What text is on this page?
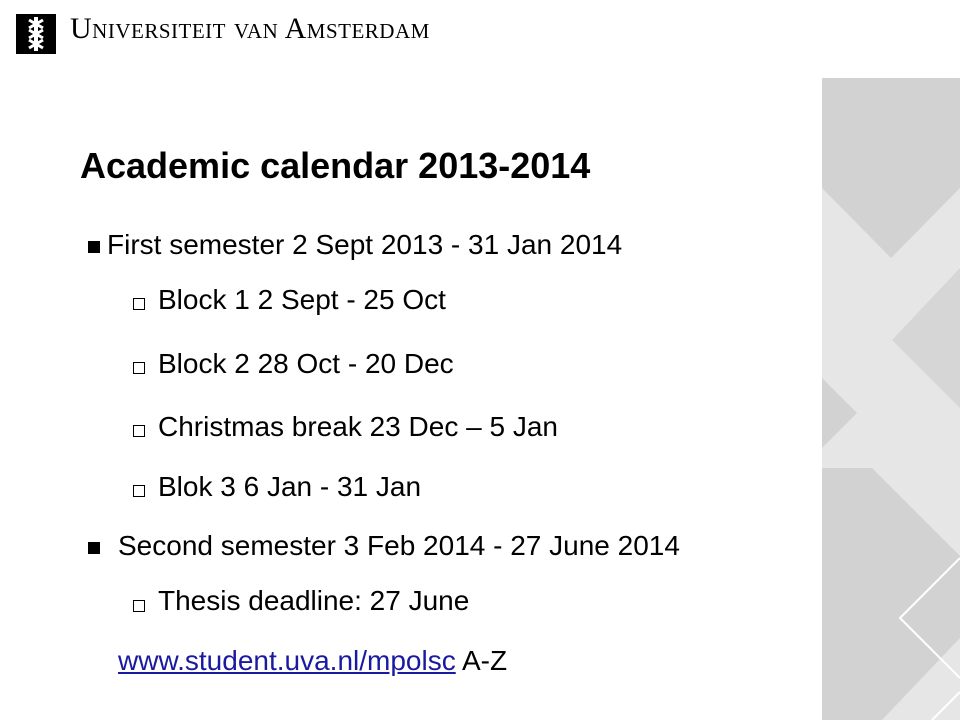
Universiteit van Amsterdam
Academic calendar 2013-2014
First semester 2 Sept 2013 - 31 Jan 2014
Block 1 2 Sept - 25 Oct
Block 2 28 Oct - 20 Dec
Christmas break 23 Dec – 5 Jan
Blok 3 6 Jan - 31 Jan
Second semester 3 Feb 2014 - 27 June 2014
Thesis deadline: 27 June
www.student.uva.nl/mpolsc A-Z
